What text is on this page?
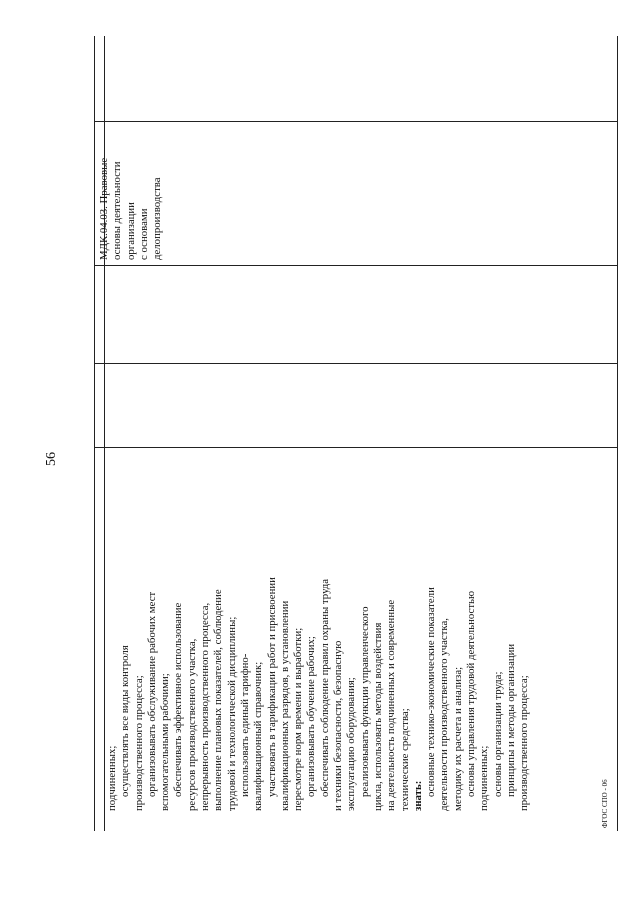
56
подчиненных; осуществлять все виды контроля производственного процесса; организовывать обслуживание рабочих мест вспомогательными рабочими; обеспечивать эффективное использование ресурсов производственного участка, непрерывность производственного процесса, выполнение плановых показателей, соблюдение трудовой и технологической дисциплины; использовать единый тарифно- квалификационный справочник; участвовать в тарификации работ и присвоении квалификационных разрядов, в установлении пересмотре норм времени и выработки; организовывать обучение рабочих; обеспечивать соблюдение правил охраны труда и техники безопасности, безопасную эксплуатацию оборудования; реализовывать функции управленческого цикла, использовать методы воздействия на деятельность подчиненных и современные технические средства; знать: основные технико-экономические показатели деятельности производственного участка, методику их расчета и анализа; основы управления трудовой деятельностью подчиненных; основы организации труда; принципы и методы организации производственного процесса;
МДК.04.03. Правовые основы деятельности организации с основами делопроизводства
ФГОС СПО - 06
